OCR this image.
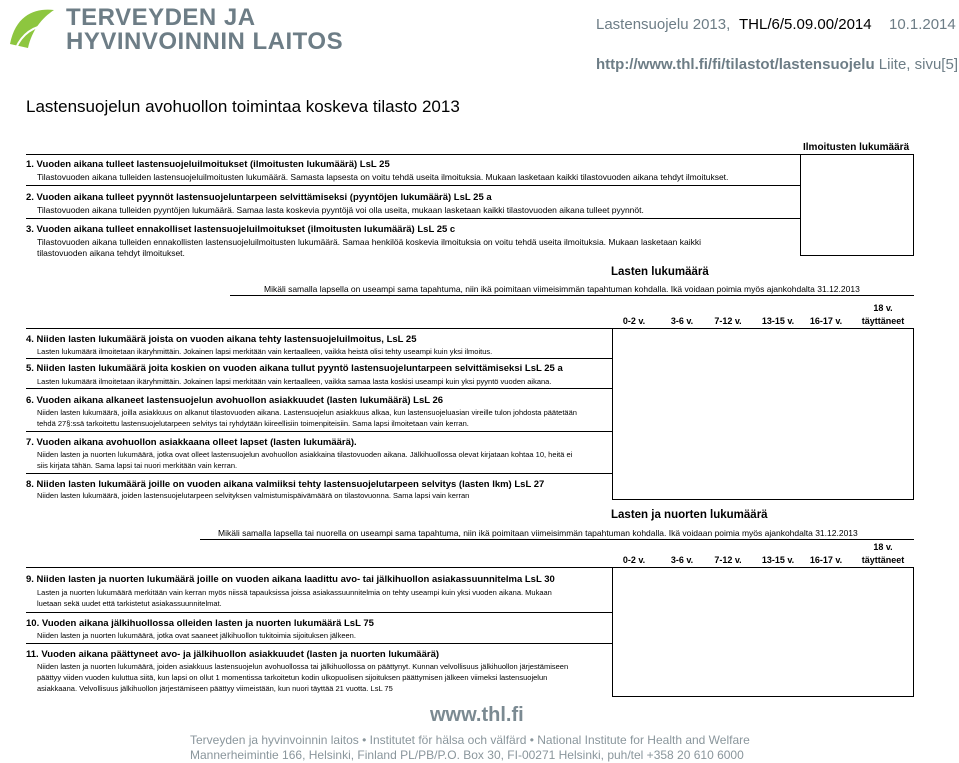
TERVEYDEN JA
HYVINVOINNIN LAITOS
Lastensuojelu 2013, THL/6/5.09.00/2014 10.1.2014
http://www.thl.fi/fi/tilastot/lastensuojelu Liite, sivu[5]
Lastensuojelun avohuollon toimintaa koskeva tilasto 2013
Ilmoitusten lukumäärä
1. Vuoden aikana tulleet lastensuojeluilmoitukset (ilmoitusten lukumäärä) LsL 25
Tilastovuoden aikana tulleiden lastensuojeluilmoitusten lukumäärä. Samasta lapsesta on voitu tehdä useita ilmoituksia. Mukaan lasketaan kaikki tilastovuoden aikana tehdyt ilmoitukset.
2. Vuoden aikana tulleet pyynnöt lastensuojeluntarpeen selvittämiseksi (pyyntöjen lukumäärä) LsL 25 a
Tilastovuoden aikana tulleiden pyyntöjen lukumäärä. Samaa lasta koskevia pyyntöjä voi olla useita, mukaan lasketaan kaikki tilastovuoden aikana tulleet pyynnöt.
3. Vuoden aikana tulleet ennakolliset lastensuojeluilmoitukset (ilmoitusten lukumäärä) LsL 25 c
Tilastovuoden aikana tulleiden ennakollisten lastensuojeluilmoitusten lukumäärä. Samaa henkilöä koskevia ilmoituksia on voitu tehdä useita ilmoituksia. Mukaan lasketaan kaikki
tilastovuoden aikana tehdyt ilmoitukset.
Lasten lukumäärä
Mikäli samalla lapsella on useampi sama tapahtuma, niin ikä poimitaan viimeisimmän tapahtuman kohdalla. Ikä voidaan poimia myös ajankohdalta 31.12.2013
0-2 v.	3-6 v.	7-12 v.	13-15 v.	16-17 v.
18 v.
täyttäneet
4. Niiden lasten lukumäärä joista on vuoden aikana tehty lastensuojeluilmoitus, LsL 25
Lasten lukumäärä ilmoitetaan ikäryhmittäin. Jokainen lapsi merkitään vain kertaalleen, vaikka heistä olisi tehty useampi kuin yksi ilmoitus.
5. Niiden lasten lukumäärä joita koskien on vuoden aikana tullut pyyntö lastensuojeluntarpeen selvittämiseksi LsL 25 a
Lasten lukumäärä ilmoitetaan ikäryhmittäin. Jokainen lapsi merkitään vain kertaalleen, vaikka samaa lasta koskisi useampi kuin yksi pyyntö vuoden aikana.
6. Vuoden aikana alkaneet lastensuojelun avohuollon asiakkuudet (lasten lukumäärä) LsL 26
Niiden lasten lukumäärä, joilla asiakkuus on alkanut tilastovuoden aikana. Lastensuojelun asiakkuus alkaa, kun lastensuojeluasian vireille tulon johdosta päätetään
tehdä 27§:ssä tarkoitettu lastensuojelutarpeen selvitys tai ryhdytään kiireellisiin toimenpiteisiin. Sama lapsi ilmoitetaan vain kerran.
7. Vuoden aikana avohuollon asiakkaana olleet lapset (lasten lukumäärä).
Niiden lasten ja nuorten lukumäärä, jotka ovat olleet lastensuojelun avohuollon asiakkaina tilastovuoden aikana. Jälkihuollossa olevat kirjataan kohtaa 10, heitä ei
siis kirjata tähän. Sama lapsi tai nuori merkitään vain kerran.
8. Niiden lasten lukumäärä joille on vuoden aikana valmiiksi tehty lastensuojelutarpeen selvitys (lasten lkm) LsL 27
Niiden lasten lukumäärä, joiden lastensuojelutarpeen selvityksen valmistumispäivämäärä on tilastovuonna. Sama lapsi vain kerran
Lasten ja nuorten lukumäärä
Mikäli samalla lapsella tai nuorella on useampi sama tapahtuma, niin ikä poimitaan viimeisimmän tapahtuman kohdalla. Ikä voidaan poimia myös ajankohdalta 31.12.2013
0-2 v.	3-6 v.	7-12 v.	13-15 v.	16-17 v.
18 v.
täyttäneet
9. Niiden lasten ja nuorten lukumäärä joille on vuoden aikana laadittu avo- tai jälkihuollon asiakassuunnitelma LsL 30
Lasten ja nuorten lukumäärä merkitään vain kerran myös niissä tapauksissa joissa asiakassuunnitelmia on tehty useampi kuin yksi vuoden aikana. Mukaan
luetaan sekä uudet että tarkistetut asiakassuunnitelmat.
10. Vuoden aikana jälkihuollossa olleiden lasten ja nuorten lukumäärä LsL 75
Niiden lasten ja nuorten lukumäärä, jotka ovat saaneet jälkihuollon tukitoimia sijoituksen jälkeen.
11. Vuoden aikana päättyneet avo- ja jälkihuollon asiakkuudet (lasten ja nuorten lukumäärä)
Niiden lasten ja nuorten lukumäärä, joiden asiakkuus lastensuojelun avohuollossa tai jälkihuollossa on päättynyt. Kunnan velvollisuus jälkihuollon järjestämiseen
päättyy viiden vuoden kuluttua siitä, kun lapsi on ollut 1 momentissa tarkoitetun kodin ulkopuolisen sijoituksen päättymisen jälkeen viimeksi lastensuojelun
asiakkaana. Velvollisuus jälkihuollon järjestämiseen päättyy viimeistään, kun nuori täyttää 21 vuotta. LsL 75
www.thl.fi
Terveyden ja hyvinvoinnin laitos • Institutet för hälsa och välfärd • National Institute for Health and Welfare
Mannerheimintie 166, Helsinki, Finland PL/PB/P.O. Box 30, FI-00271 Helsinki, puh/tel +358 20 610 6000
